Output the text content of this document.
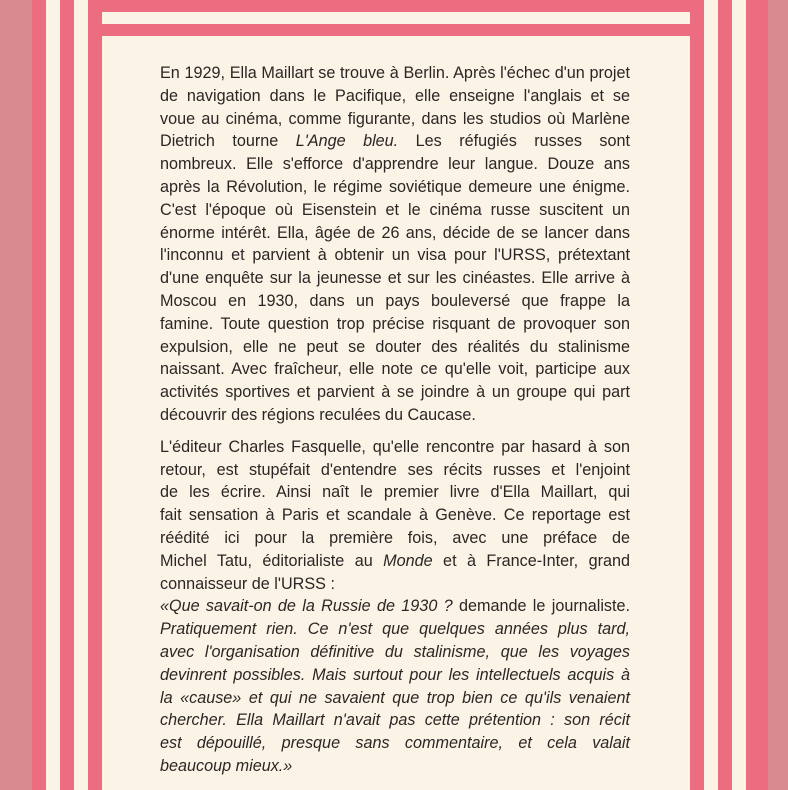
En 1929, Ella Maillart se trouve à Berlin. Après l'échec d'un projet
de navigation dans le Pacifique, elle enseigne l'anglais et se
voue au cinéma, comme figurante, dans les studios où Marlène
Dietrich tourne L'Ange bleu. Les réfugiés russes sont
nombreux. Elle s'efforce d'apprendre leur langue. Douze ans
après la Révolution, le régime soviétique demeure une énigme.
C'est l'époque où Eisenstein et le cinéma russe suscitent un
énorme intérêt. Ella, âgée de 26 ans, décide de se lancer dans
l'inconnu et parvient à obtenir un visa pour l'URSS, prétextant
d'une enquête sur la jeunesse et sur les cinéastes. Elle arrive à
Moscou en 1930, dans un pays bouleversé que frappe la
famine. Toute question trop précise risquant de provoquer son
expulsion, elle ne peut se douter des réalités du stalinisme
naissant. Avec fraîcheur, elle note ce qu'elle voit, participe aux
activités sportives et parvient à se joindre à un groupe qui part
découvrir des régions reculées du Caucase.

L'éditeur Charles Fasquelle, qu'elle rencontre par hasard à son
retour, est stupéfait d'entendre ses récits russes et l'enjoint
de les écrire. Ainsi naît le premier livre d'Ella Maillart, qui
fait sensation à Paris et scandale à Genève. Ce reportage est
réédité ici pour la première fois, avec une préface de
Michel Tatu, éditorialiste au Monde et à France-Inter, grand
connaisseur de l'URSS :

«Que savait-on de la Russie de 1930 ? demande le journaliste.
Pratiquement rien. Ce n'est que quelques années plus tard,
avec l'organisation définitive du stalinisme, que les voyages
devinrent possibles. Mais surtout pour les intellectuels acquis à
la «cause» et qui ne savaient que trop bien ce qu'ils venaient
chercher. Ella Maillart n'avait pas cette prétention : son récit
est dépouillé, presque sans commentaire, et cela valait
beaucoup mieux.»
